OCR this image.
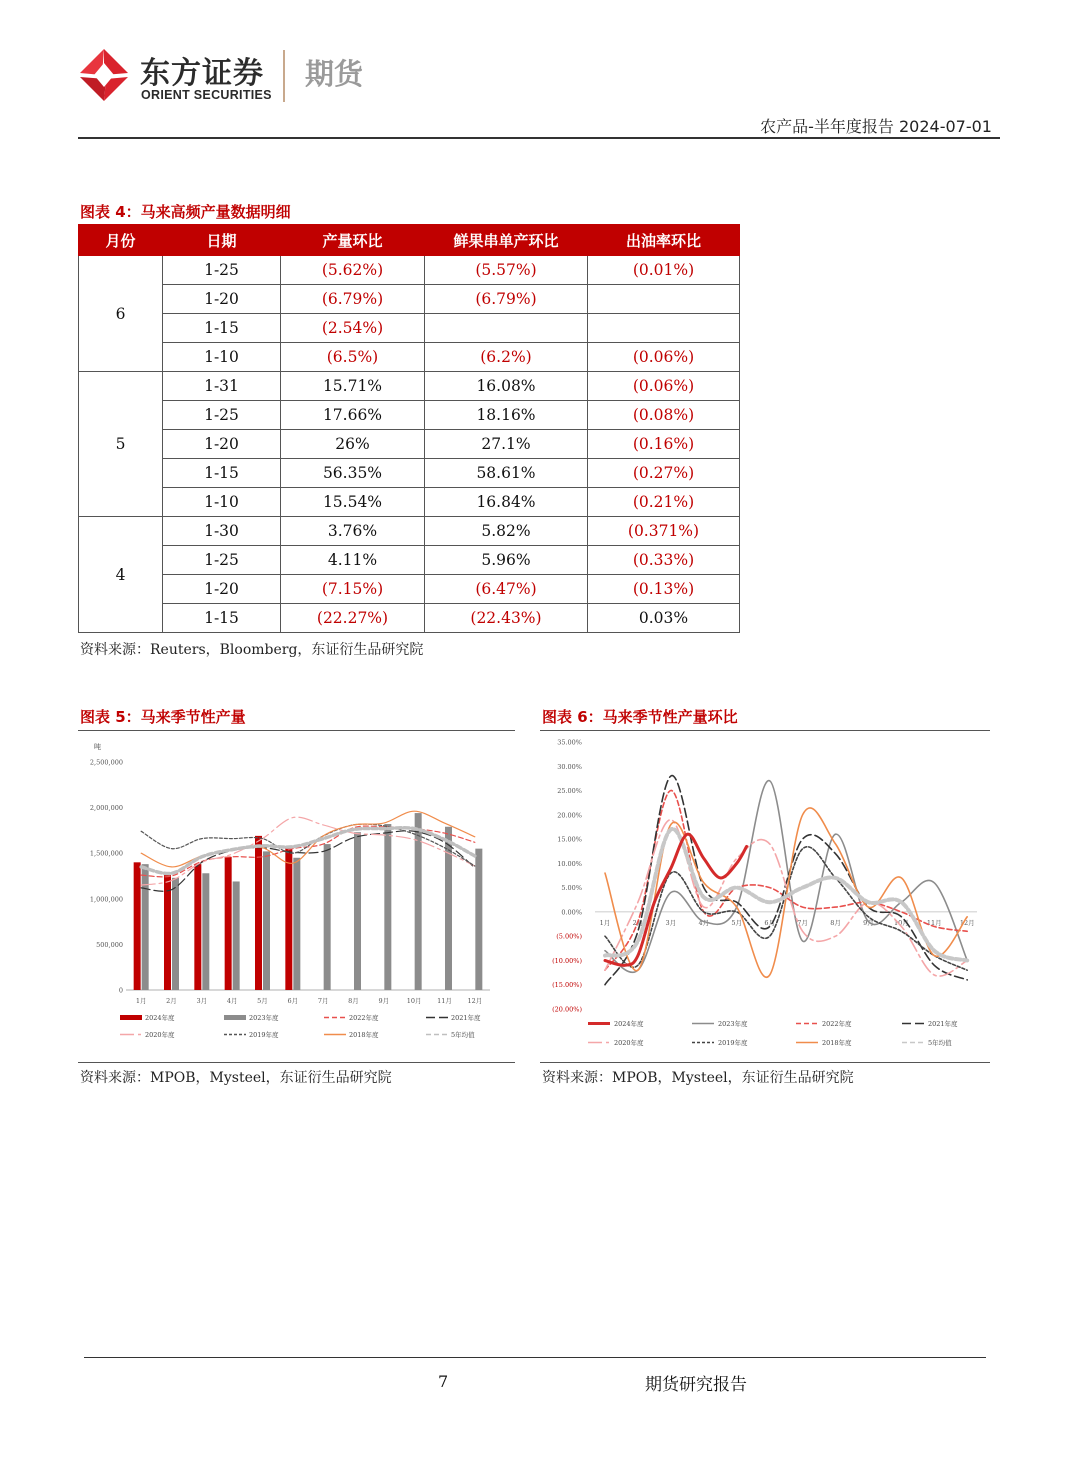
东方证券
ORIENT SECURITIES
期货
农产品-半年度报告 2024-07-01
图表 4：马来高频产量数据明细
月份	日期	产量环比	鲜果串单产环比	出油率环比
6	1-25	(5.62%)	(5.57%)	(0.01%)
	1-20	(6.79%)	(6.79%)	
	1-15	(2.54%)		
	1-10	(6.5%)	(6.2%)	(0.06%)
5	1-31	15.71%	16.08%	(0.06%)
	1-25	17.66%	18.16%	(0.08%)
	1-20	26%	27.1%	(0.16%)
	1-15	56.35%	58.61%	(0.27%)
	1-10	15.54%	16.84%	(0.21%)
4	1-30	3.76%	5.82%	(0.371%)
	1-25	4.11%	5.96%	(0.33%)
	1-20	(7.15%)	(6.47%)	(0.13%)
	1-15	(22.27%)	(22.43%)	0.03%
资料来源：Reuters，Bloomberg，东证衍生品研究院
图表 5：马来季节性产量
吨
0
500,000
1,000,000
1,500,000
2,000,000
2,500,000
1月	2月	3月	4月	5月	6月	7月	8月	9月	10月 11月 12月
2024年度	2023年度	2022年度	2021年度
2020年度	2019年度	2018年度	5年均值
资料来源：MPOB，Mysteel，东证衍生品研究院
图表 6：马来季节性产量环比
35.00%
30.00%
25.00%
20.00%
15.00%
10.00%
5.00%
0.00%
(5.00%)
(10.00%)
(15.00%)
(20.00%)
1月	2月	3月	4月	5月	6月	7月	8月	9月	10月	11月	12月
2024年度	2023年度	2022年度	2021年度
2020年度	2019年度	2018年度	5年均值
资料来源：MPOB，Mysteel，东证衍生品研究院
7	期货研究报告
